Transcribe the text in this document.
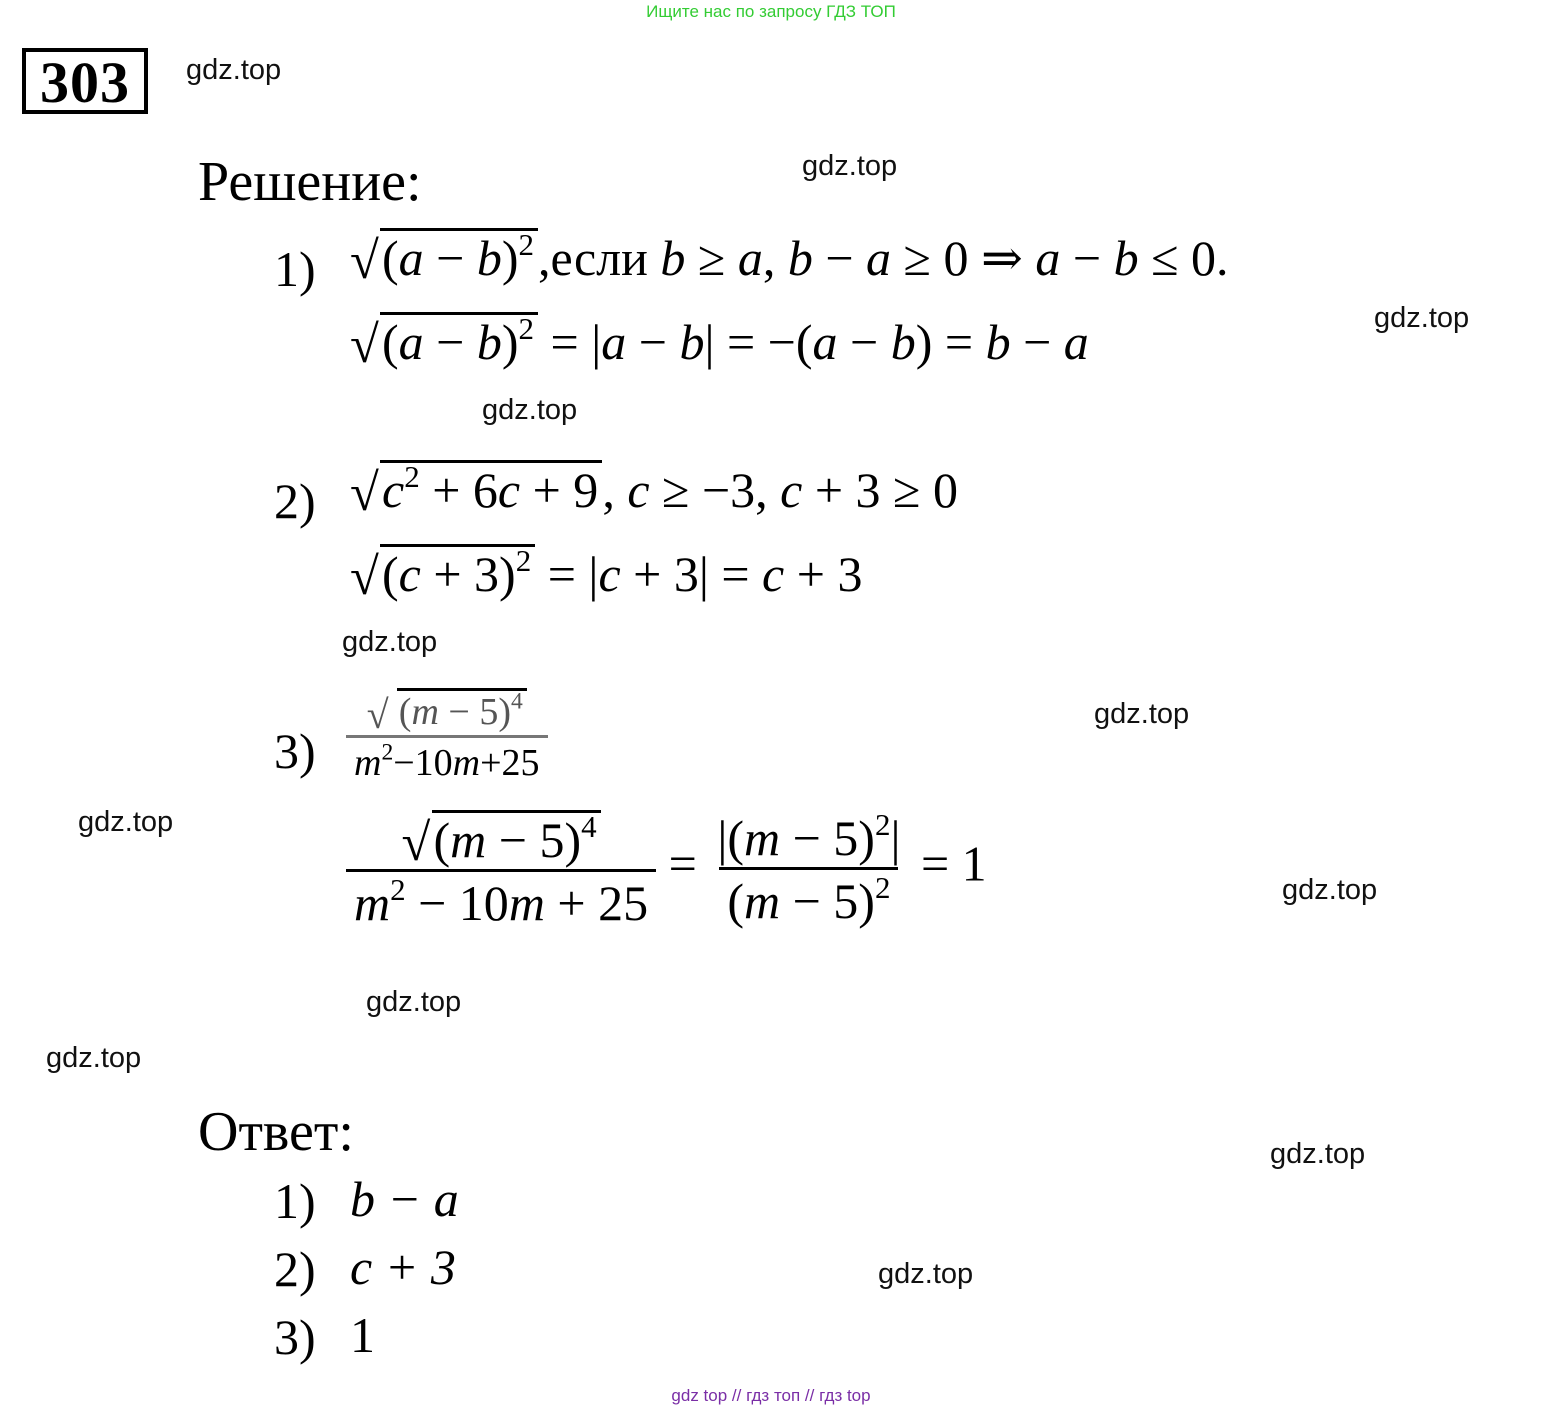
Ищите нас по запросу ГДЗ ТОП
303	gdz.top
gdz.top
gdz.top
gdz.top
gdz.top
gdz.top
gdz.top
gdz.top
gdz.top
gdz.top
gdz.top
gdz.top
Решение:
1)	√ $(a - b)^2,если$ b ≥ a, b − a ≥ 0 ⇒ a − b ≤ 0.
√ $(a - b)^2 = |a - b| = -(a - b) = b - a$
2)	√ $c^2 + 6c + 9$, c ≥ −3, c + 3 ≥ 0
√ $(c + 3)^2 = |c + 3| = c + 3$
3) √ $\frac{(m - 5)^4}{m^2-10m+25}$
√ $\frac{(m - 5)^4}{m^2 - 10m + 25} = \frac{|(m - 5)^2|}{(m - 5)^2} = 1$
Ответ:
1) b − a
2) c + 3
3) 1
gdz top // гдз топ // гдз top
